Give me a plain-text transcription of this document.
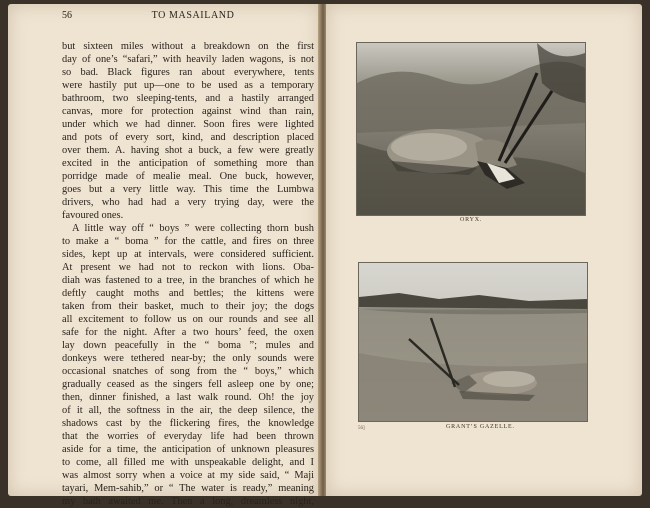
56	TO MASAILAND
but sixteen miles without a breakdown on the first
day of one’s “safari,” with heavily laden wagons, is not
so bad. Black figures ran about everywhere, tents
were hastily put up—one to be used as a temporary
bathroom, two sleeping-tents, and a hastily arranged
canvas, more for protection against wind than rain,
under which we had dinner. Soon fires were lighted
and pots of every sort, kind, and description placed
over them. A. having shot a buck, a few were greatly
excited in the anticipation of something more than
porridge made of mealie meal. One buck, however,
goes but a very little way. This time the Lumbwa
drivers, who had had a very trying day, were the
favoured ones.
A little way off “ boys ” were collecting thorn bush
to make a “ boma ” for the cattle, and fires on three
sides, kept up at intervals, were considered sufficient.
At present we had not to reckon with lions. Oba-
diah was fastened to a tree, in the branches of which he
deftly caught moths and bettles; the kittens were
taken from their basket, much to their joy; the dogs
all excitement to follow us on our rounds and see all
safe for the night. After a two hours’ feed, the oxen
lay down peacefully in the “ boma ”; mules and
donkeys were tethered near-by; the only sounds were
occasional snatches of song from the “ boys,” which
gradually ceased as the singers fell asleep one by one;
then, dinner finished, a last walk round. Oh! the joy
of it all, the softness in the air, the deep silence, the
shadows cast by the flickering fires, the knowledge
that the worries of everyday life had been thrown
aside for a time, the anticipation of unknown pleasures
to come, all filled me with unspeakable delight, and I
was almost sorry when a voice at my side said, “ Maji
tayari, Mem-sahib,” or “ The water is ready,” meaning
my bath awaited me. Then a long, dreamless night,
ORYX.
GRANT’S GAZELLE.
56]
